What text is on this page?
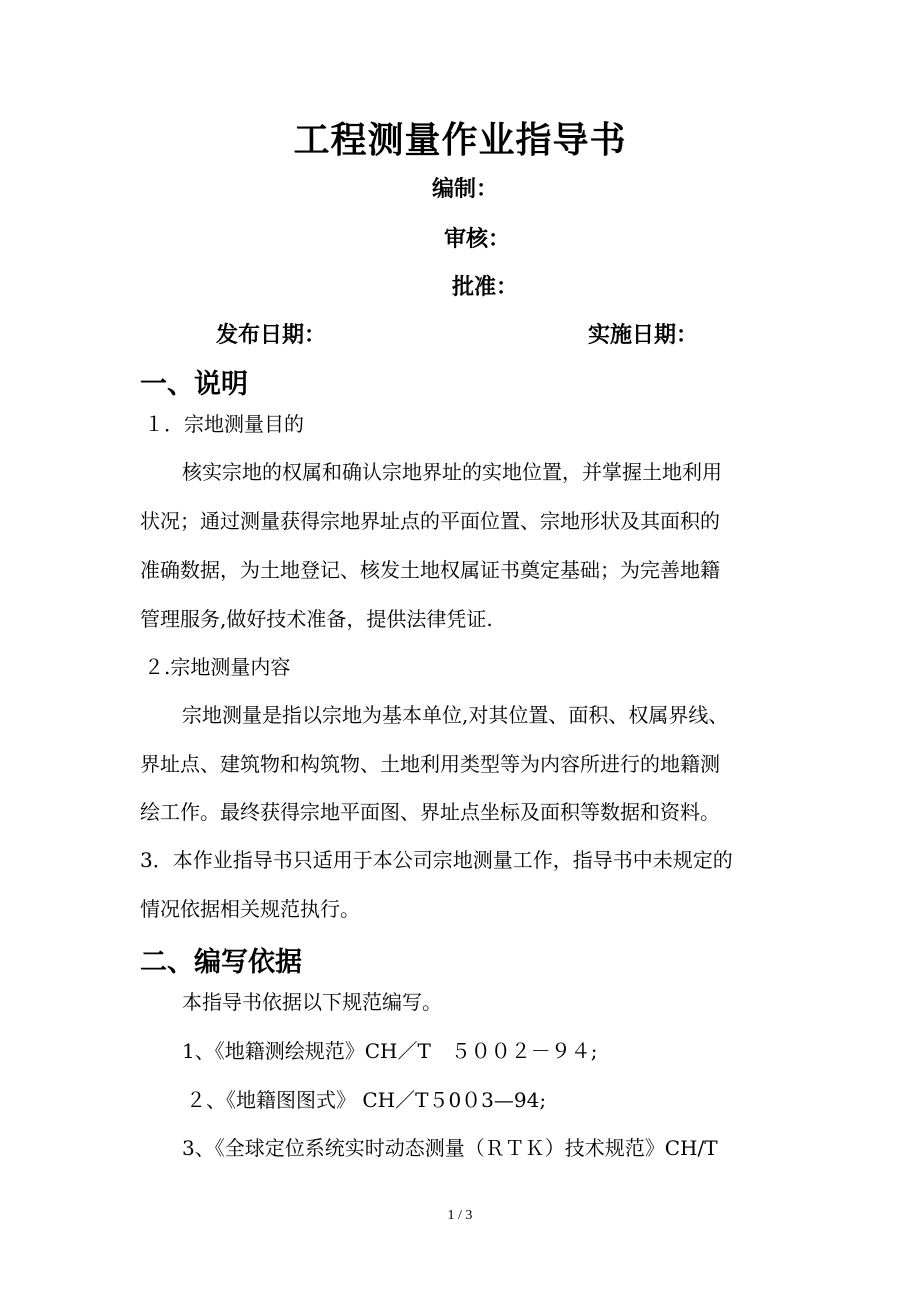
工程测量作业指导书
编制：
审核：
批准：
发布日期：	实施日期：
一、说明
１．宗地测量目的
核实宗地的权属和确认宗地界址的实地位置，并掌握土地利用
状况；通过测量获得宗地界址点的平面位置、宗地形状及其面积的
准确数据，为土地登记、核发土地权属证书奠定基础；为完善地籍
管理服务,做好技术准备，提供法律凭证.
２.宗地测量内容
宗地测量是指以宗地为基本单位,对其位置、面积、权属界线、
界址点、建筑物和构筑物、土地利用类型等为内容所进行的地籍测
绘工作。最终获得宗地平面图、界址点坐标及面积等数据和资料。
3．本作业指导书只适用于本公司宗地测量工作，指导书中未规定的
情况依据相关规范执行。
二、编写依据
本指导书依据以下规范编写。
1、《地籍测绘规范》CH／T　５００２－９４;
２、《地籍图图式》 CH／T５0０3—94;
3、《全球定位系统实时动态测量（ＲＴＫ）技术规范》CH/T
1 / 3
